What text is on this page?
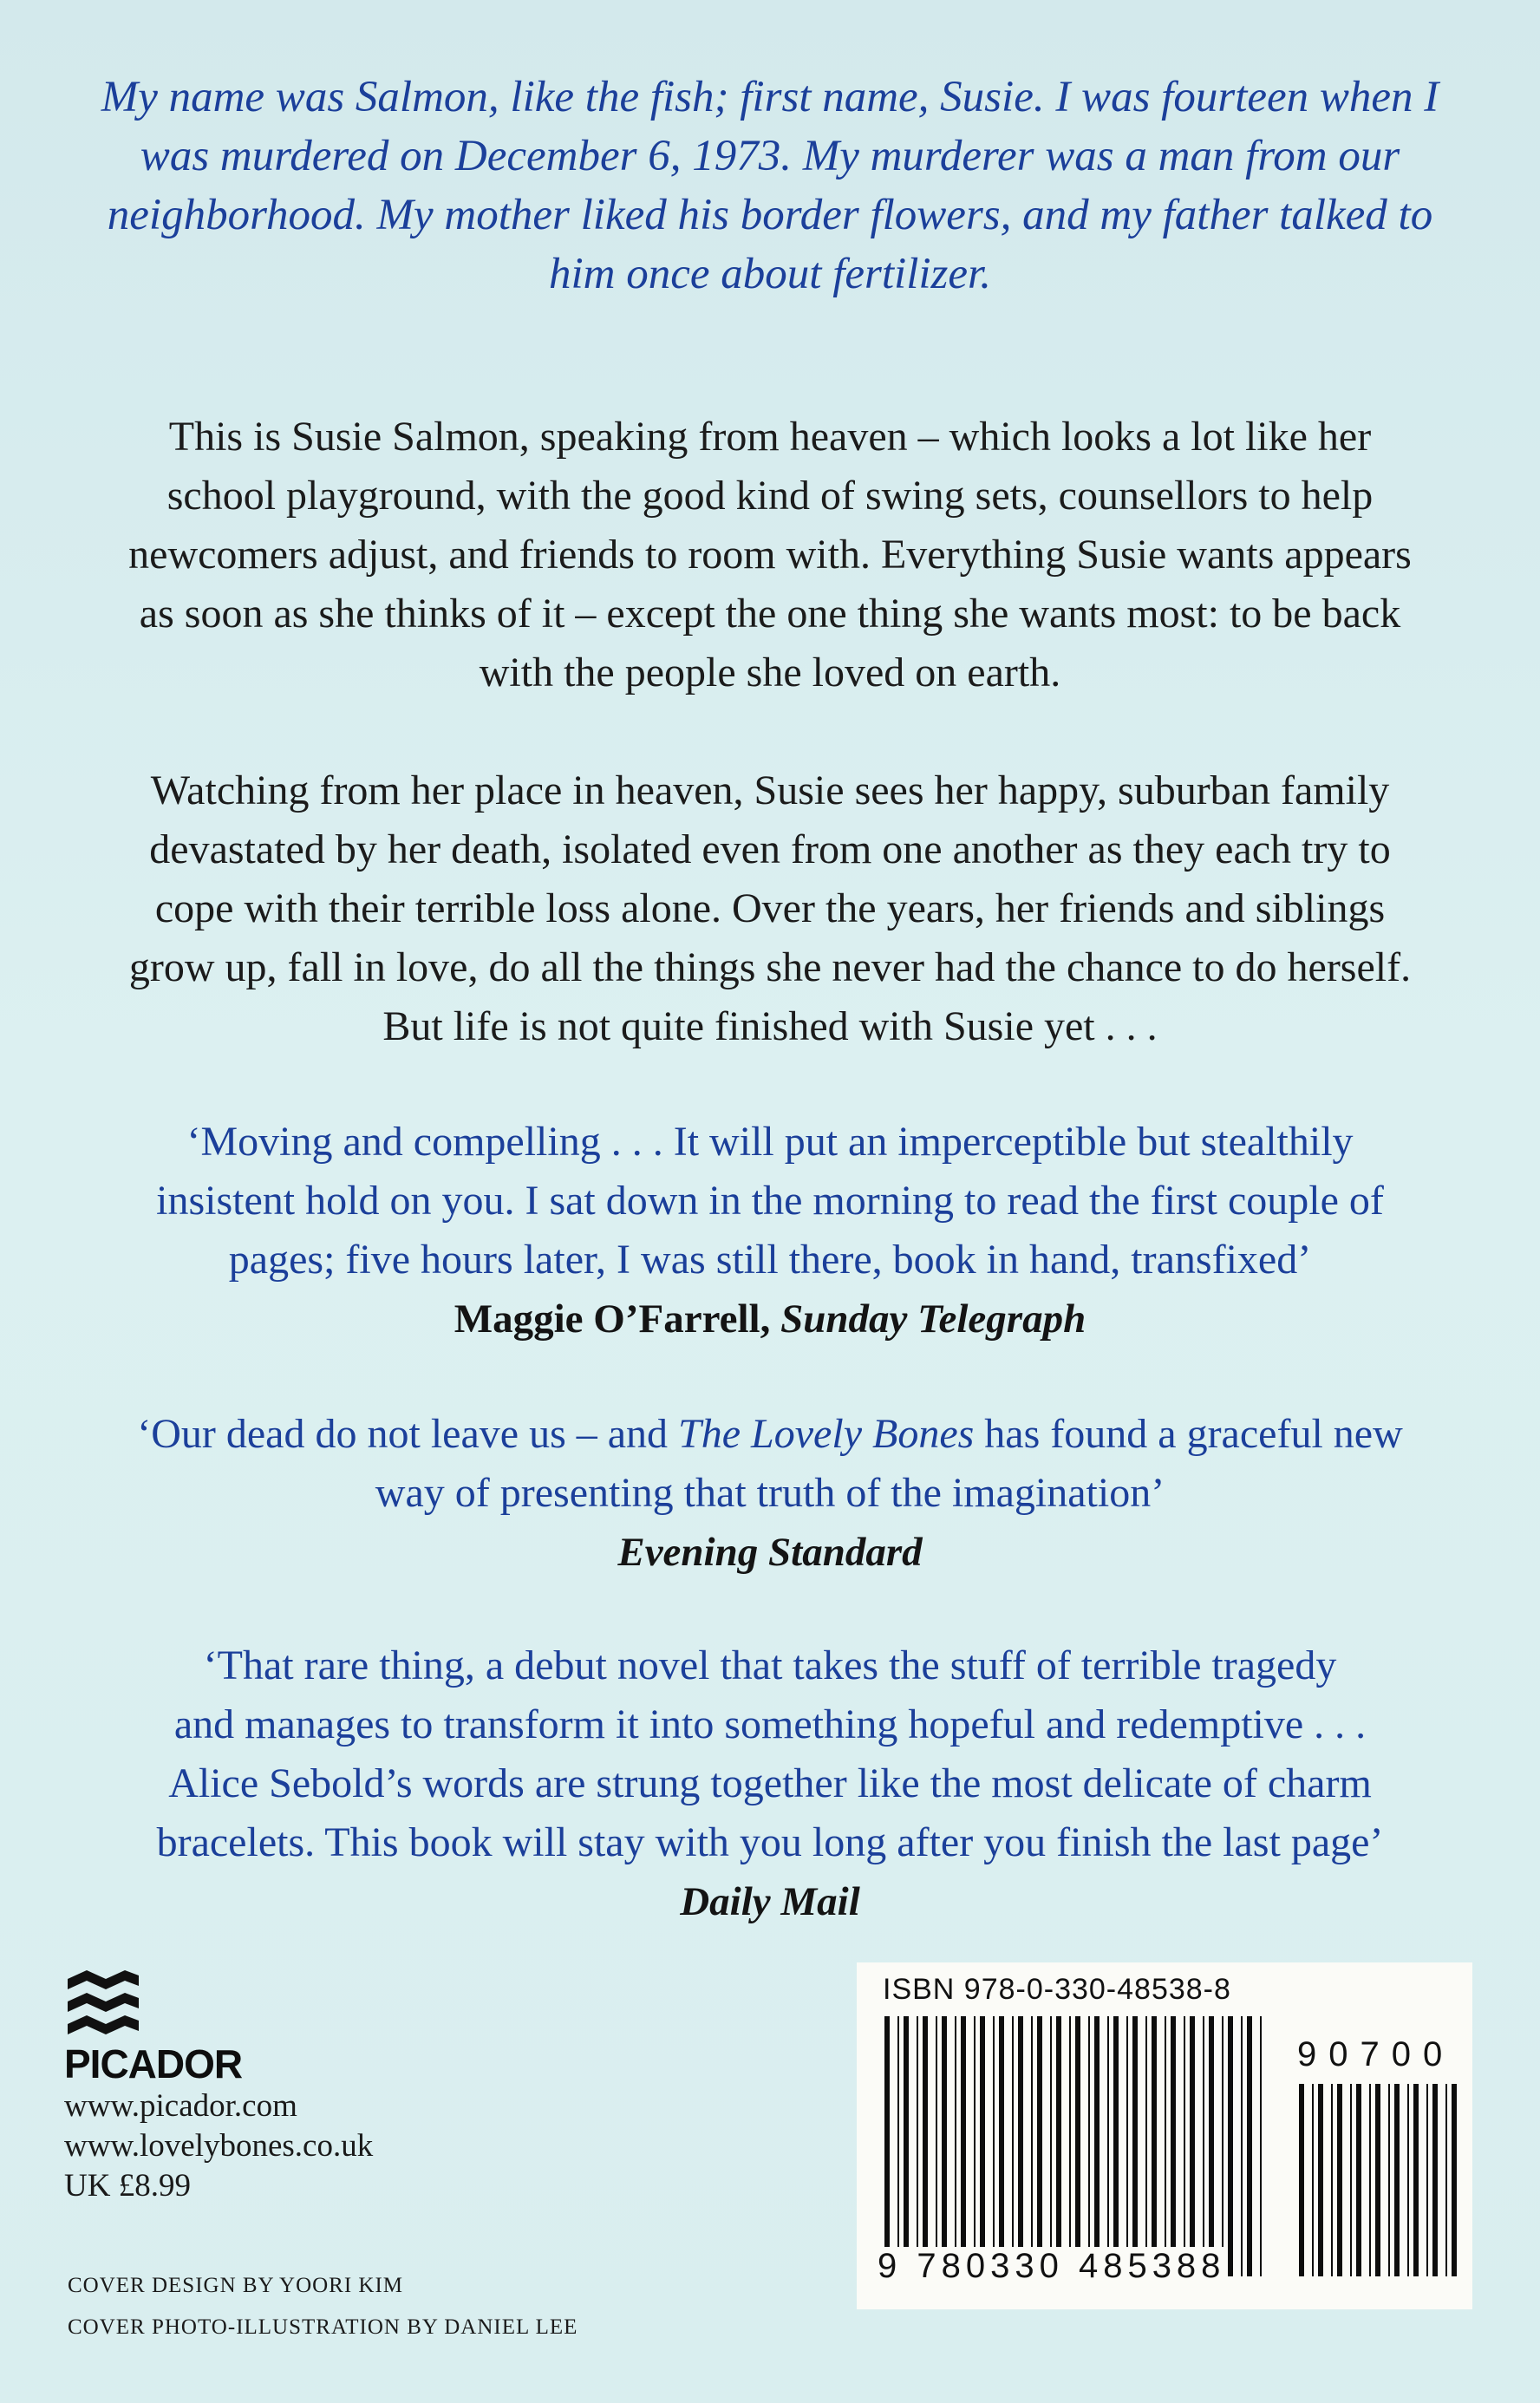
My name was Salmon, like the fish; first name, Susie. I was fourteen when I
was murdered on December 6, 1973. My murderer was a man from our
neighborhood. My mother liked his border flowers, and my father talked to
him once about fertilizer.
This is Susie Salmon, speaking from heaven – which looks a lot like her
school playground, with the good kind of swing sets, counsellors to help
newcomers adjust, and friends to room with. Everything Susie wants appears
as soon as she thinks of it – except the one thing she wants most: to be back
with the people she loved on earth.
Watching from her place in heaven, Susie sees her happy, suburban family
devastated by her death, isolated even from one another as they each try to
cope with their terrible loss alone. Over the years, her friends and siblings
grow up, fall in love, do all the things she never had the chance to do herself.
But life is not quite finished with Susie yet . . .
‘Moving and compelling . . . It will put an imperceptible but stealthily
insistent hold on you. I sat down in the morning to read the first couple of
pages; five hours later, I was still there, book in hand, transfixed’
Maggie O’Farrell, Sunday Telegraph
‘Our dead do not leave us – and The Lovely Bones has found a graceful new
way of presenting that truth of the imagination’
Evening Standard
‘That rare thing, a debut novel that takes the stuff of terrible tragedy
and manages to transform it into something hopeful and redemptive . . .
Alice Sebold’s words are strung together like the most delicate of charm
bracelets. This book will stay with you long after you finish the last page’
Daily Mail
PICADOR
www.picador.com
www.lovelybones.co.uk
UK £8.99
COVER DESIGN BY YOORI KIM
COVER PHOTO-ILLUSTRATION BY DANIEL LEE
ISBN 978-0-330-48538-8
90700
9 780330 485388
